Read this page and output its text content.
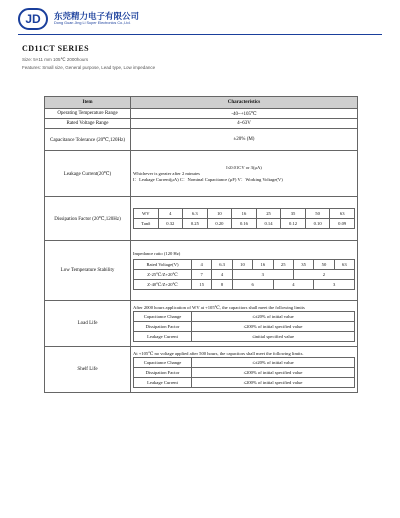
JD	东莞精力电子有限公司
Dong Guan Jing Li Super Electronics Co.,Ltd.
CD11CT SERIES
Size: 5×11 mm 105℃ 2000hours
Features: Small size, General purpose, Lead type, Low impedance
Item	Characteristics
Operating Temperature Range	-40~+105℃
Rated Voltage Range	4~63V
Capacitance Tolerance (20℃,120Hz)	±20% (M)
Leakage Current(20℃)	
I≤0.01CV or 3(μA)
Whichever is greater after 2 minutes
I：Leakage Current(μA) C：Nominal Capacitance (μF) V：Working Voltage(V)

Dissipation Factor (20℃,120Hz)	
WV	4	6.3	10	16	25	35	50	63
Tanδ	0.32	0.25	0.20	0.16	0.14	0.12	0.10	0.09

Low Temperature Stability	
Impedance ratio (120 Hz)
Rated Voltage(V)	4	6.3	10	16	25	35	50	63
Z-25℃/Z+20℃	7	4	3	2
Z-40℃/Z+20℃	15	8	6	4	3

Load Life	
After 2000 hours application of WV at +105℃, the capacitors shall meet the following limits
Capacitance Change	≤±20% of initial value
Dissipation Factor	≤200% of initial specified value
Leakage Current	≤initial specified value

Shelf Life	
At +105℃ no voltage applied after 500 hours, the capacitors shall meet the following limits.
Capacitance Change	≤±20% of initial value
Dissipation Factor	≤200% of initial specified value
Leakage Current	≤200% of initial specified value
